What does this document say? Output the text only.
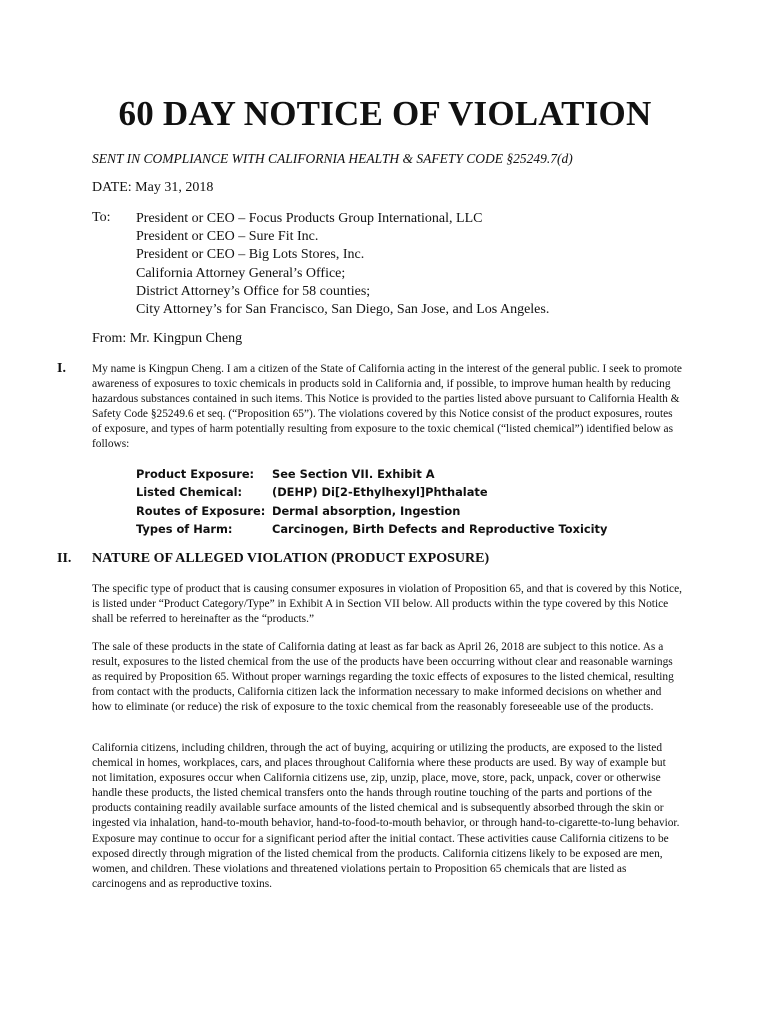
60 DAY NOTICE OF VIOLATION

SENT IN COMPLIANCE WITH CALIFORNIA HEALTH & SAFETY CODE §25249.7(d)

DATE: May 31, 2018

To: President or CEO – Focus Products Group International, LLC
President or CEO – Sure Fit Inc.
President or CEO – Big Lots Stores, Inc.
California Attorney General’s Office;
District Attorney’s Office for 58 counties;
City Attorney’s for San Francisco, San Diego, San Jose, and Los Angeles.

From: Mr. Kingpun Cheng

I. My name is Kingpun Cheng. I am a citizen of the State of California acting in the interest of the general public. I seek to promote awareness of exposures to toxic chemicals in products sold in California and, if possible, to improve human health by reducing hazardous substances contained in such items. This Notice is provided to the parties listed above pursuant to California Health & Safety Code §25249.6 et seq. (“Proposition 65”). The violations covered by this Notice consist of the product exposures, routes of exposure, and types of harm potentially resulting from exposure to the toxic chemical (“listed chemical”) identified below as follows:

Product Exposure:	See Section VII. Exhibit A
Listed Chemical:	(DEHP) Di[2-Ethylhexyl]Phthalate
Routes of Exposure: Dermal absorption, Ingestion
Types of Harm:	Carcinogen, Birth Defects and Reproductive Toxicity
II. NATURE OF ALLEGED VIOLATION (PRODUCT EXPOSURE)

The specific type of product that is causing consumer exposures in violation of Proposition 65, and that is covered by this Notice, is listed under “Product Category/Type” in Exhibit A in Section VII below. All products within the type covered by this Notice shall be referred to hereinafter as the “products.”

The sale of these products in the state of California dating at least as far back as April 26, 2018 are subject to this notice. As a result, exposures to the listed chemical from the use of the products have been occurring without clear and reasonable warnings as required by Proposition 65. Without proper warnings regarding the toxic effects of exposures to the listed chemical, resulting from contact with the products, California citizen lack the information necessary to make informed decisions on whether and how to eliminate (or reduce) the risk of exposure to the toxic chemical from the reasonably foreseeable use of the products.

California citizens, including children, through the act of buying, acquiring or utilizing the products, are exposed to the listed chemical in homes, workplaces, cars, and places throughout California where these products are used. By way of example but not limitation, exposures occur when California citizens use, zip, unzip, place, move, store, pack, unpack, cover or otherwise handle these products, the listed chemical transfers onto the hands through routine touching of the parts and portions of the products containing readily available surface amounts of the listed chemical and is subsequently absorbed through the skin or ingested via inhalation, hand-to-mouth behavior, hand-to-food-to-mouth behavior, or through hand-to-cigarette-to-lung behavior. Exposure may continue to occur for a significant period after the initial contact. These activities cause California citizens to be exposed directly through migration of the listed chemical from the products. California citizens likely to be exposed are men, women, and children. These violations and threatened violations pertain to Proposition 65 chemicals that are listed as carcinogens and as reproductive toxins.
